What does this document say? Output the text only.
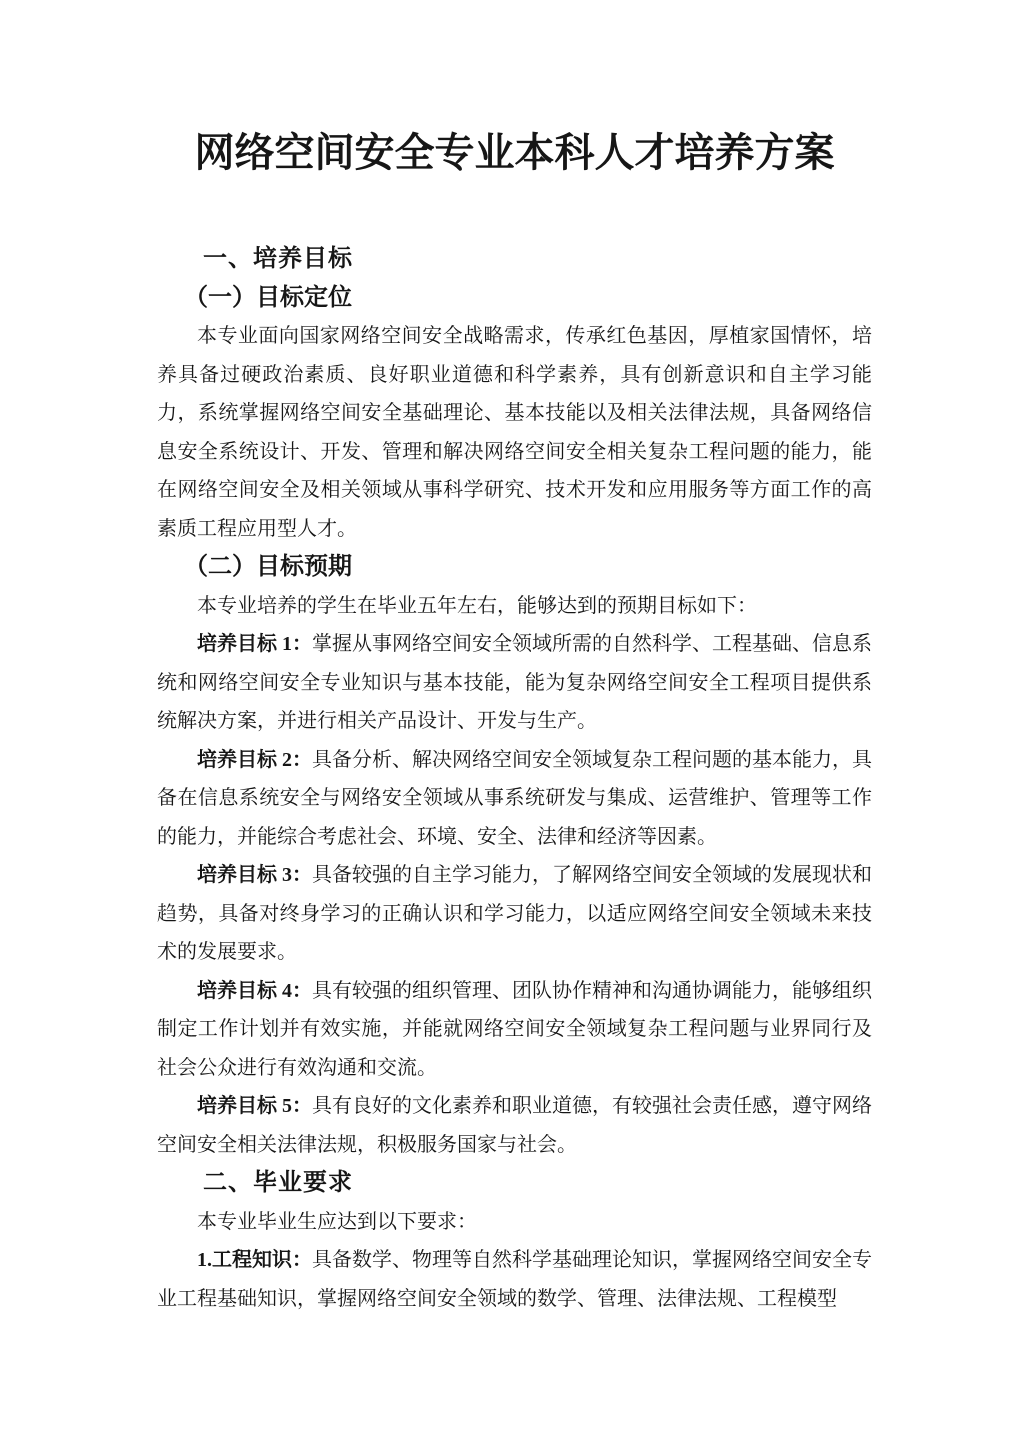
网络空间安全专业本科人才培养方案
一、培养目标
（一）目标定位

本专业面向国家网络空间安全战略需求，传承红色基因，厚植家国情怀，培养具备过硬政治素质、良好职业道德和科学素养，具有创新意识和自主学习能力，系统掌握网络空间安全基础理论、基本技能以及相关法律法规，具备网络信息安全系统设计、开发、管理和解决网络空间安全相关复杂工程问题的能力，能在网络空间安全及相关领域从事科学研究、技术开发和应用服务等方面工作的高素质工程应用型人才。

（二）目标预期

本专业培养的学生在毕业五年左右，能够达到的预期目标如下：

培养目标 1：掌握从事网络空间安全领域所需的自然科学、工程基础、信息系统和网络空间安全专业知识与基本技能，能为复杂网络空间安全工程项目提供系统解决方案，并进行相关产品设计、开发与生产。

培养目标 2：具备分析、解决网络空间安全领域复杂工程问题的基本能力，具备在信息系统安全与网络安全领域从事系统研发与集成、运营维护、管理等工作的能力，并能综合考虑社会、环境、安全、法律和经济等因素。

培养目标 3：具备较强的自主学习能力，了解网络空间安全领域的发展现状和趋势，具备对终身学习的正确认识和学习能力，以适应网络空间安全领域未来技术的发展要求。

培养目标 4：具有较强的组织管理、团队协作精神和沟通协调能力，能够组织制定工作计划并有效实施，并能就网络空间安全领域复杂工程问题与业界同行及社会公众进行有效沟通和交流。

培养目标 5：具有良好的文化素养和职业道德，有较强社会责任感，遵守网络空间安全相关法律法规，积极服务国家与社会。

二、毕业要求

本专业毕业生应达到以下要求：

1.工程知识：具备数学、物理等自然科学基础理论知识，掌握网络空间安全专业工程基础知识，掌握网络空间安全领域的数学、管理、法律法规、工程模型
